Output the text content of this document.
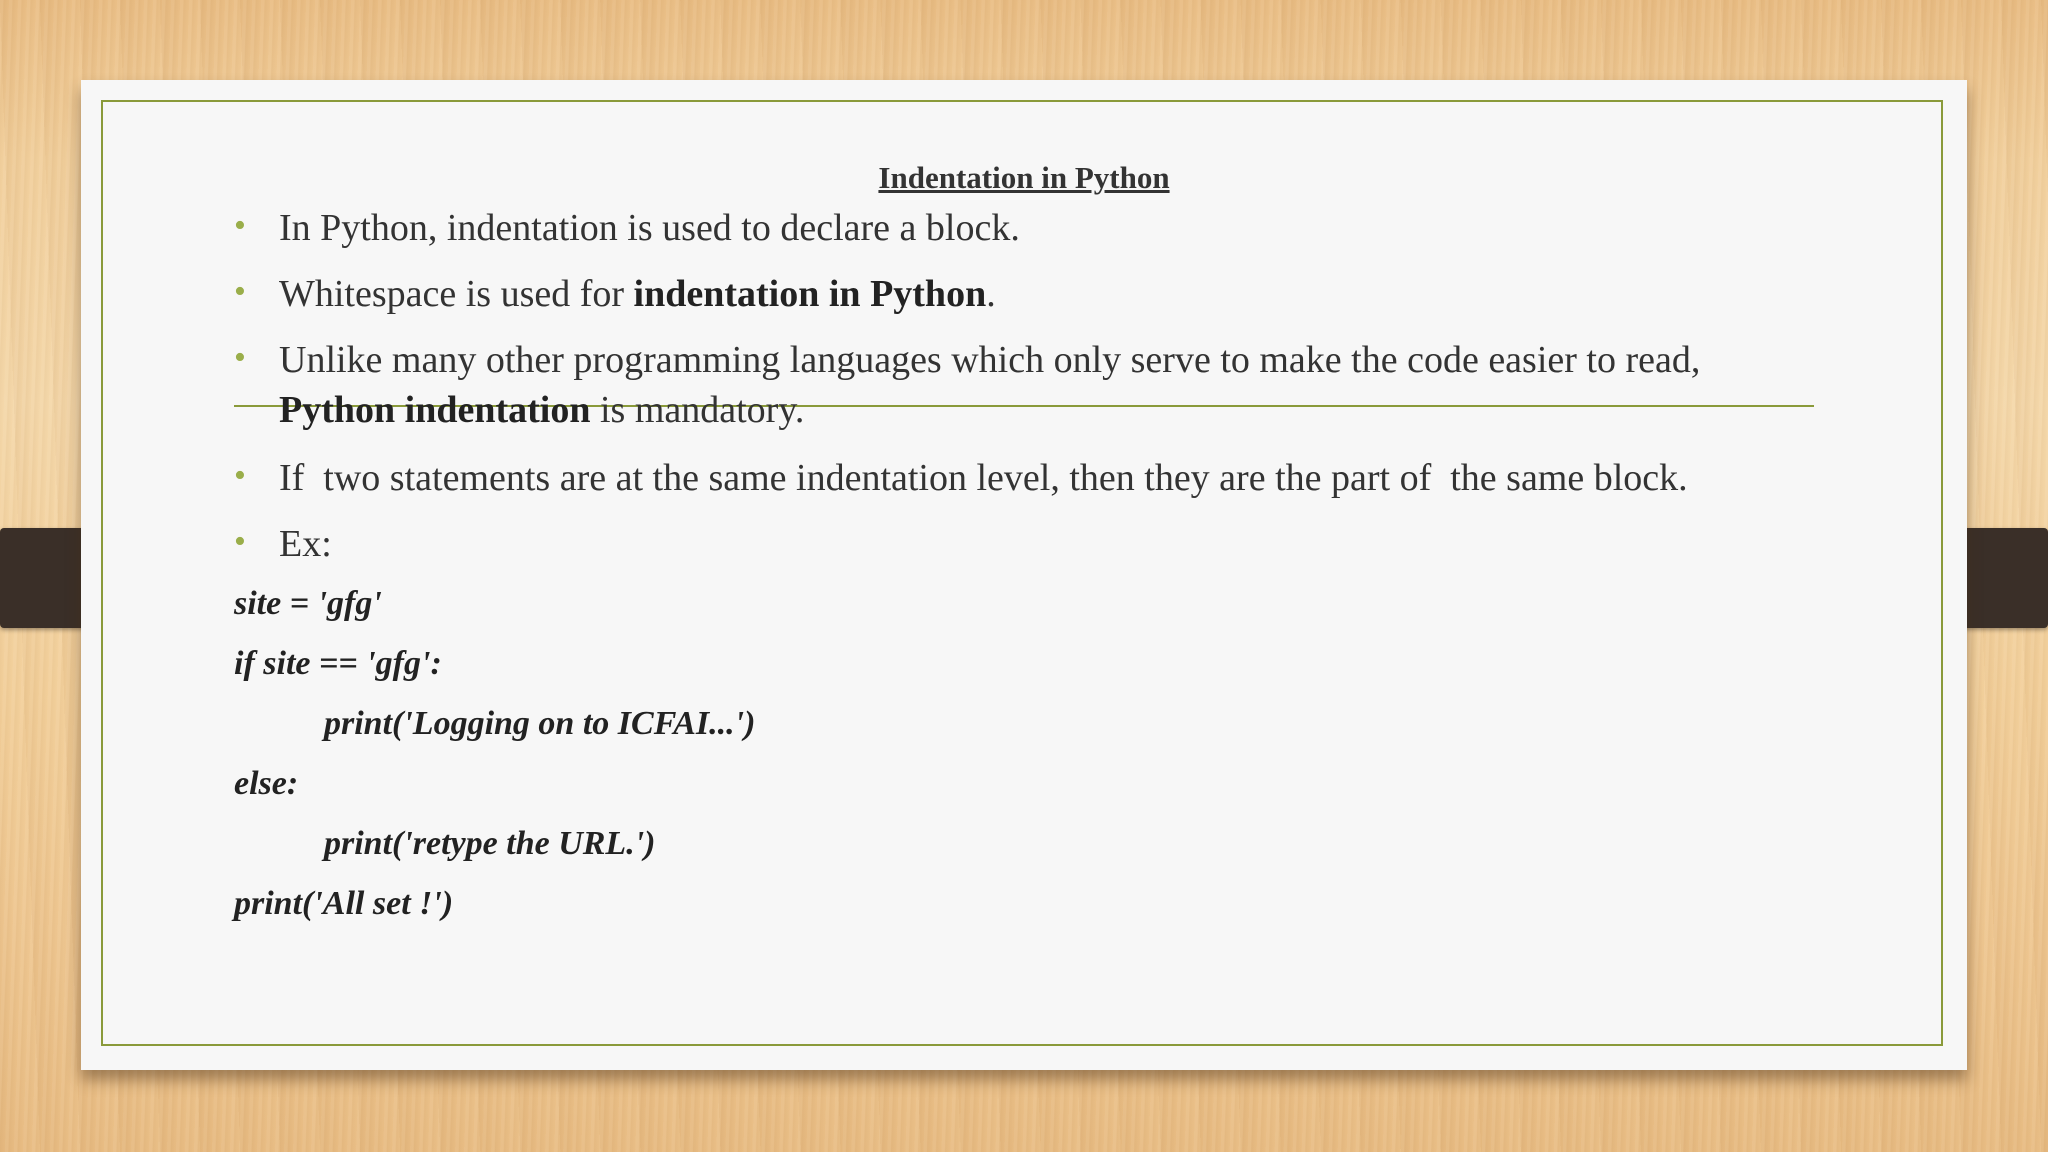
Indentation in Python
• In Python, indentation is used to declare a block.
• Whitespace is used for indentation in Python.
• Unlike many other programming languages which only serve to make the code easier to read, Python indentation is mandatory.
• If  two statements are at the same indentation level, then they are the part of  the same block.
• Ex:
site = 'gfg'
if site == 'gfg':
print('Logging on to ICFAI...')
else:
print('retype the URL.')
print('All set !')
